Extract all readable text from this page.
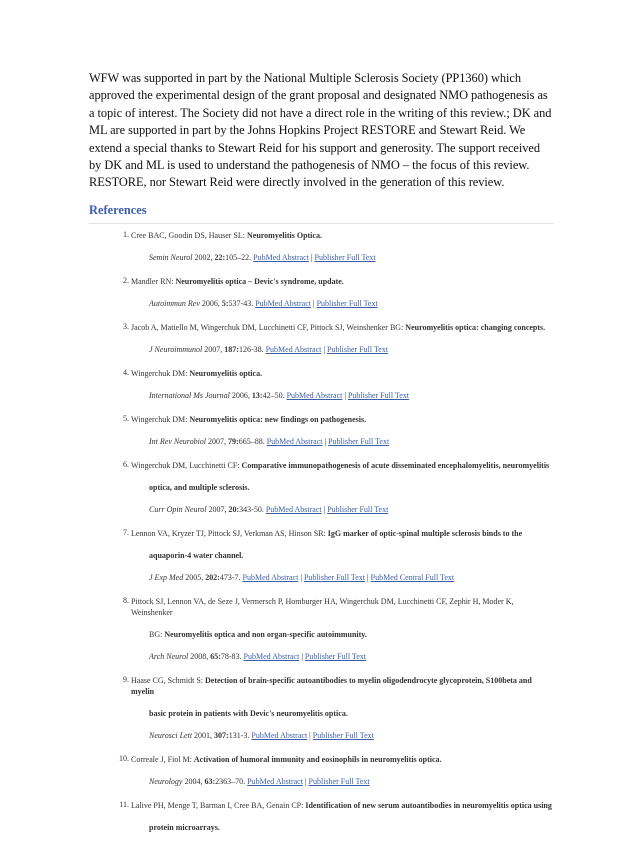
WFW was supported in part by the National Multiple Sclerosis Society (PP1360) which approved the experimental design of the grant proposal and designated NMO pathogenesis as a topic of interest. The Society did not have a direct role in the writing of this review.; DK and ML are supported in part by the Johns Hopkins Project RESTORE and Stewart Reid. We extend a special thanks to Stewart Reid for his support and generosity. The support received by DK and ML is used to understand the pathogenesis of NMO – the focus of this review. RESTORE, nor Stewart Reid were directly involved in the generation of this review.

References
1. Cree BAC, Goodin DS, Hauser SL: Neuromyelitis Optica.
Semin Neurol 2002, 22:105–22. PubMed Abstract | Publisher Full Text
2. Mandler RN: Neuromyelitis optica – Devic's syndrome, update.
Autoimmun Rev 2006, 5:537-43. PubMed Abstract | Publisher Full Text
3. Jacob A, Matiello M, Wingerchuk DM, Lucchinetti CF, Pittock SJ, Weinshenker BG: Neuromyelitis optica: changing concepts.
J Neuroimmunol 2007, 187:126-38. PubMed Abstract | Publisher Full Text
4. Wingerchuk DM: Neuromyelitis optica.
International Ms Journal 2006, 13:42–50. PubMed Abstract | Publisher Full Text
5. Wingerchuk DM: Neuromyelitis optica: new findings on pathogenesis.
Int Rev Neurobiol 2007, 79:665–88. PubMed Abstract | Publisher Full Text
6. Wingerchuk DM, Lucchinetti CF: Comparative immunopathogenesis of acute disseminated encephalomyelitis, neuromyelitis
optica, and multiple sclerosis.
Curr Opin Neurol 2007, 20:343-50. PubMed Abstract | Publisher Full Text
7. Lennon VA, Kryzer TJ, Pittock SJ, Verkman AS, Hinson SR: IgG marker of optic-spinal multiple sclerosis binds to the
aquaporin-4 water channel.
J Exp Med 2005, 202:473-7. PubMed Abstract | Publisher Full Text | PubMed Central Full Text
8. Pittock SJ, Lennon VA, de Seze J, Vermersch P, Homburger HA, Wingerchuk DM, Lucchinetti CF, Zephir H, Moder K, Weinshenker
BG: Neuromyelitis optica and non organ-specific autoimmunity.
Arch Neurol 2008, 65:78-83. PubMed Abstract | Publisher Full Text
9. Haase CG, Schmidt S: Detection of brain-specific autoantibodies to myelin oligodendrocyte glycoprotein, S100beta and myelin
basic protein in patients with Devic's neuromyelitis optica.
Neurosci Lett 2001, 307:131-3. PubMed Abstract | Publisher Full Text
10. Correale J, Fiol M: Activation of humoral immunity and eosinophils in neuromyelitis optica.
Neurology 2004, 63:2363–70. PubMed Abstract | Publisher Full Text
11. Lalive PH, Menge T, Barman I, Cree BA, Genain CP: Identification of new serum autoantibodies in neuromyelitis optica using
protein microarrays.
